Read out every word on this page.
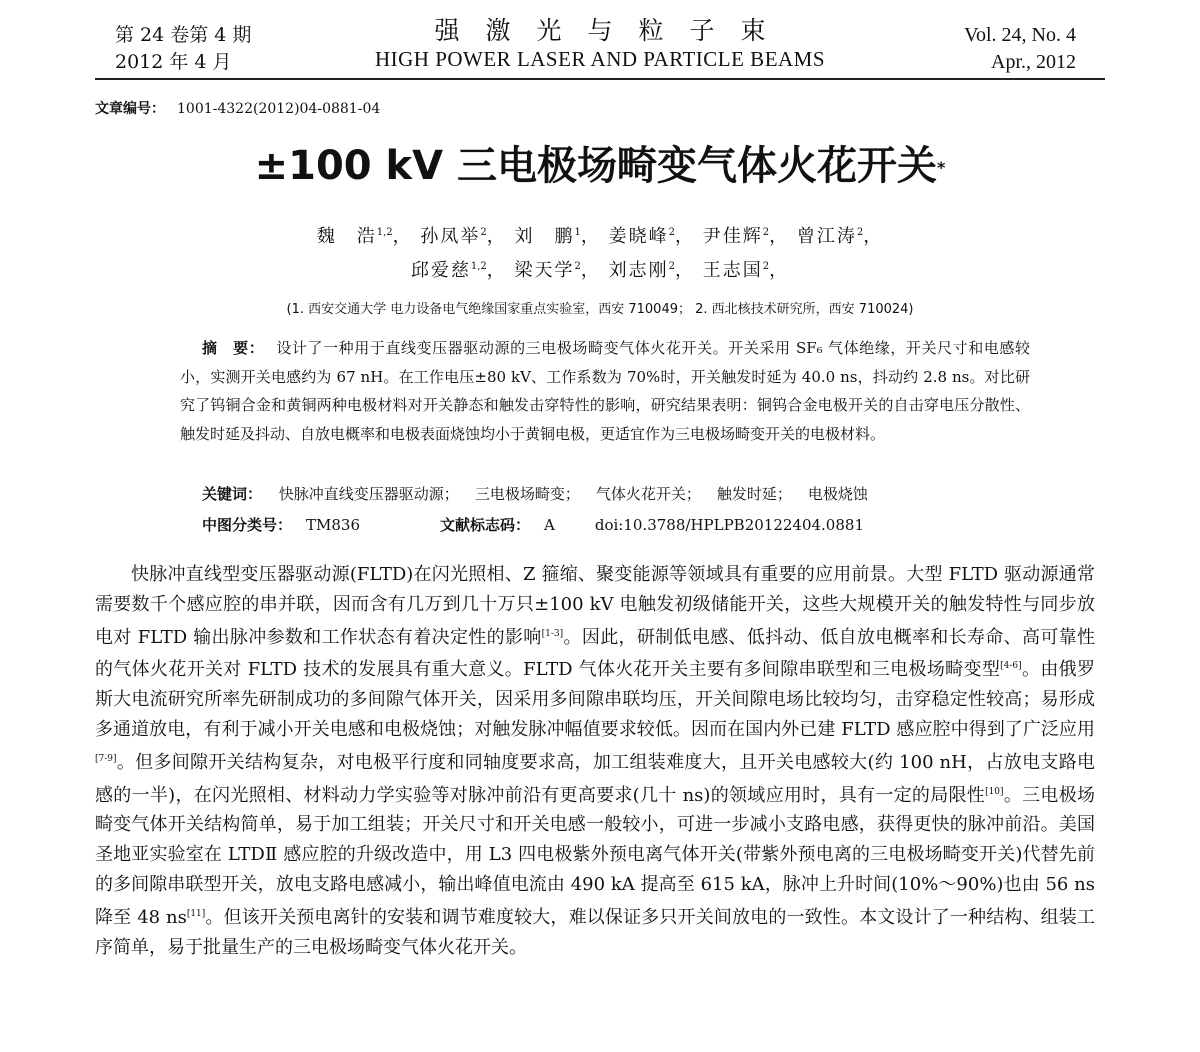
第 24 卷第 4 期
2012 年 4 月
强激光与粒子束
HIGH POWER LASER AND PARTICLE BEAMS
Vol. 24, No. 4
Apr., 2012
文章编号： 1001-4322(2012)04-0881-04
±100 kV 三电极场畸变气体火花开关*
魏　浩$^{1,2}$， 孙凤举$^2$， 刘　鹏$^1$， 姜晓峰$^2$， 尹佳辉$^2$， 曾江涛$^2$，
邱爱慈$^{1,2}$， 梁天学$^2$， 刘志刚$^2$， 王志国$^2$，
(1. 西安交通大学 电力设备电气绝缘国家重点实验室，西安 710049； 2. 西北核技术研究所，西安 710024)
摘　要： 设计了一种用于直线变压器驱动源的三电极场畸变气体火花开关。开关采用 SF₆ 气体绝缘，开关尺寸和电感较小，实测开关电感约为 67 nH。在工作电压±80 kV、工作系数为 70%时，开关触发时延为 40.0 ns，抖动约 2.8 ns。对比研究了钨铜合金和黄铜两种电极材料对开关静态和触发击穿特性的影响，研究结果表明：铜钨合金电极开关的自击穿电压分散性、触发时延及抖动、自放电概率和电极表面烧蚀均小于黄铜电极，更适宜作为三电极场畸变开关的电极材料。
关键词： 快脉冲直线变压器驱动源； 三电极场畸变； 气体火花开关； 触发时延； 电极烧蚀
中图分类号： TM836	文献标志码： A	doi:10.3788/HPLPB20122404.0881
快脉冲直线型变压器驱动源(FLTD)在闪光照相、Z 箍缩、聚变能源等领域具有重要的应用前景。大型 FLTD 驱动源通常需要数千个感应腔的串并联，因而含有几万到几十万只±100 kV 电触发初级储能开关，这些大规模开关的触发特性与同步放电对 FLTD 输出脉冲参数和工作状态有着决定性的影响[1-3]。因此，研制低电感、低抖动、低自放电概率和长寿命、高可靠性的气体火花开关对 FLTD 技术的发展具有重大意义。FLTD 气体火花开关主要有多间隙串联型和三电极场畸变型[4-6]。由俄罗斯大电流研究所率先研制成功的多间隙气体开关，因采用多间隙串联均压，开关间隙电场比较均匀，击穿稳定性较高；易形成多通道放电，有利于减小开关电感和电极烧蚀；对触发脉冲幅值要求较低。因而在国内外已建 FLTD 感应腔中得到了广泛应用[7-9]。但多间隙开关结构复杂，对电极平行度和同轴度要求高，加工组装难度大，且开关电感较大(约 100 nH，占放电支路电感的一半)，在闪光照相、材料动力学实验等对脉冲前沿有更高要求(几十 ns)的领域应用时，具有一定的局限性[10]。三电极场畸变气体开关结构简单，易于加工组装；开关尺寸和开关电感一般较小，可进一步减小支路电感，获得更快的脉冲前沿。美国圣地亚实验室在 LTDⅡ 感应腔的升级改造中，用 L3 四电极紫外预电离气体开关(带紫外预电离的三电极场畸变开关)代替先前的多间隙串联型开关，放电支路电感减小，输出峰值电流由 490 kA 提高至 615 kA，脉冲上升时间(10%～90%)也由 56 ns 降至 48 ns[11]。但该开关预电离针的安装和调节难度较大，难以保证多只开关间放电的一致性。本文设计了一种结构、组装工序简单，易于批量生产的三电极场畸变气体火花开关。
